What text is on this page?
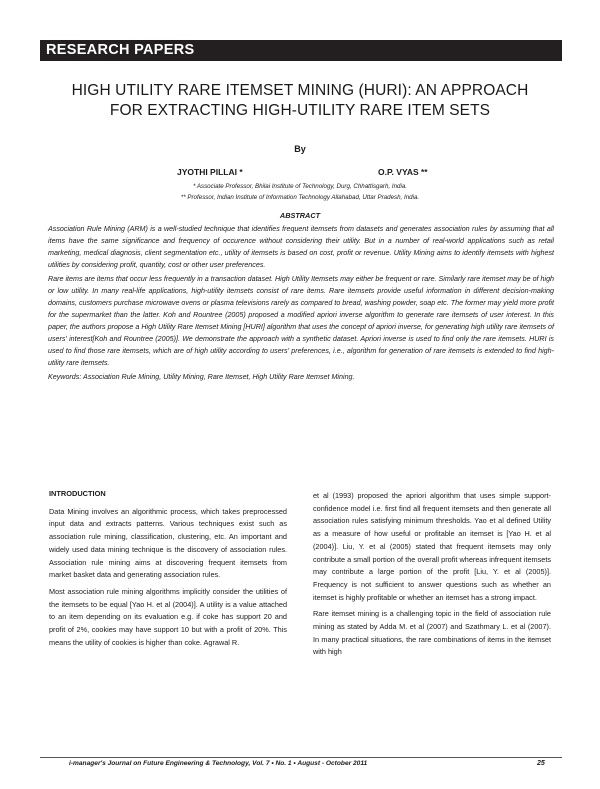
RESEARCH PAPERS
HIGH UTILITY RARE ITEMSET MINING (HURI): AN APPROACH
FOR EXTRACTING HIGH-UTILITY RARE ITEM SETS
By
JYOTHI PILLAI *	O.P. VYAS **
* Associate Professor, Bhilai Institute of Technology, Durg, Chhattisgarh, India.
** Professor, Indian Institute of Information Technology Allahabad, Uttar Pradesh, India.
ABSTRACT

Association Rule Mining (ARM) is a well-studied technique that identifies frequent itemsets from datasets and generates association rules by assuming that all items have the same significance and frequency of occurence without considering their utility. But in a number of real-world applications such as retail marketing, medical diagnosis, client segmentation etc., utility of itemsets is based on cost, profit or revenue. Utility Mining aims to identify itemsets with highest utilities by considering profit, quantity, cost or other user preferences.

Rare items are items that occur less frequently in a transaction dataset. High Utility Itemsets may either be frequent or rare. Similarly rare itemset may be of high or low utility. In many real-life applications, high-utility itemsets consist of rare items. Rare itemsets provide useful information in different decision-making domains, customers purchase microwave ovens or plasma televisions rarely as compared to bread, washing powder, soap etc. The former may yield more profit for the supermarket than the latter. Koh and Rountree (2005) proposed a modified apriori inverse algorithm to generate rare itemsets of user interest. In this paper, the authors propose a High Utility Rare Itemset Mining [HURI] algorithm that uses the concept of apriori inverse, for generating high utility rare itemsets of users' interest[Koh and Rountree (2005)]. We demonstrate the approach with a synthetic dataset. Apriori inverse is used to find only the rare itemsets. HURI is used to find those rare itemsets, which are of high utility according to users' preferences, i.e., algorithm for generation of rare itemsets is extended to find high-utility rare itemsets.

Keywords: Association Rule Mining, Utility Mining, Rare Itemset, High Utility Rare Itemset Mining.

INTRODUCTION

Data Mining involves an algorithmic process, which takes preprocessed input data and extracts patterns. Various techniques exist such as association rule mining, classification, clustering, etc. An important and widely used data mining technique is the discovery of association rules. Association rule mining aims at discovering frequent itemsets from market basket data and generating association rules.

Most association rule mining algorithms implicitly consider the utilities of the itemsets to be equal [Yao H. et al (2004)]. A utility is a value attached to an item depending on its evaluation e.g. if coke has support 20 and profit of 2%, cookies may have support 10 but with a profit of 20%. This means the utility of cookies is higher than coke. Agrawal R.

et al (1993) proposed the apriori algorithm that uses simple support-confidence model i.e. first find all frequent itemsets and then generate all association rules satisfying minimum thresholds. Yao et al defined Utility as a measure of how useful or profitable an itemset is [Yao H. et al (2004)]. Liu, Y. et al (2005) stated that frequent itemsets may only contribute a small portion of the overall profit whereas infrequent itemsets may contribute a large portion of the profit [Liu, Y. et al (2005)]. Frequency is not sufficient to answer questions such as whether an itemset is highly profitable or whether an itemset has a strong impact.

Rare itemset mining is a challenging topic in the field of association rule mining as stated by Adda M. et al (2007) and Szathmary L. et al (2007). In many practical situations, the rare combinations of items in the itemset with high

i-manager's Journal on Future Engineering & Technology, Vol. 7 • No. 1 • August - October 2011	25
